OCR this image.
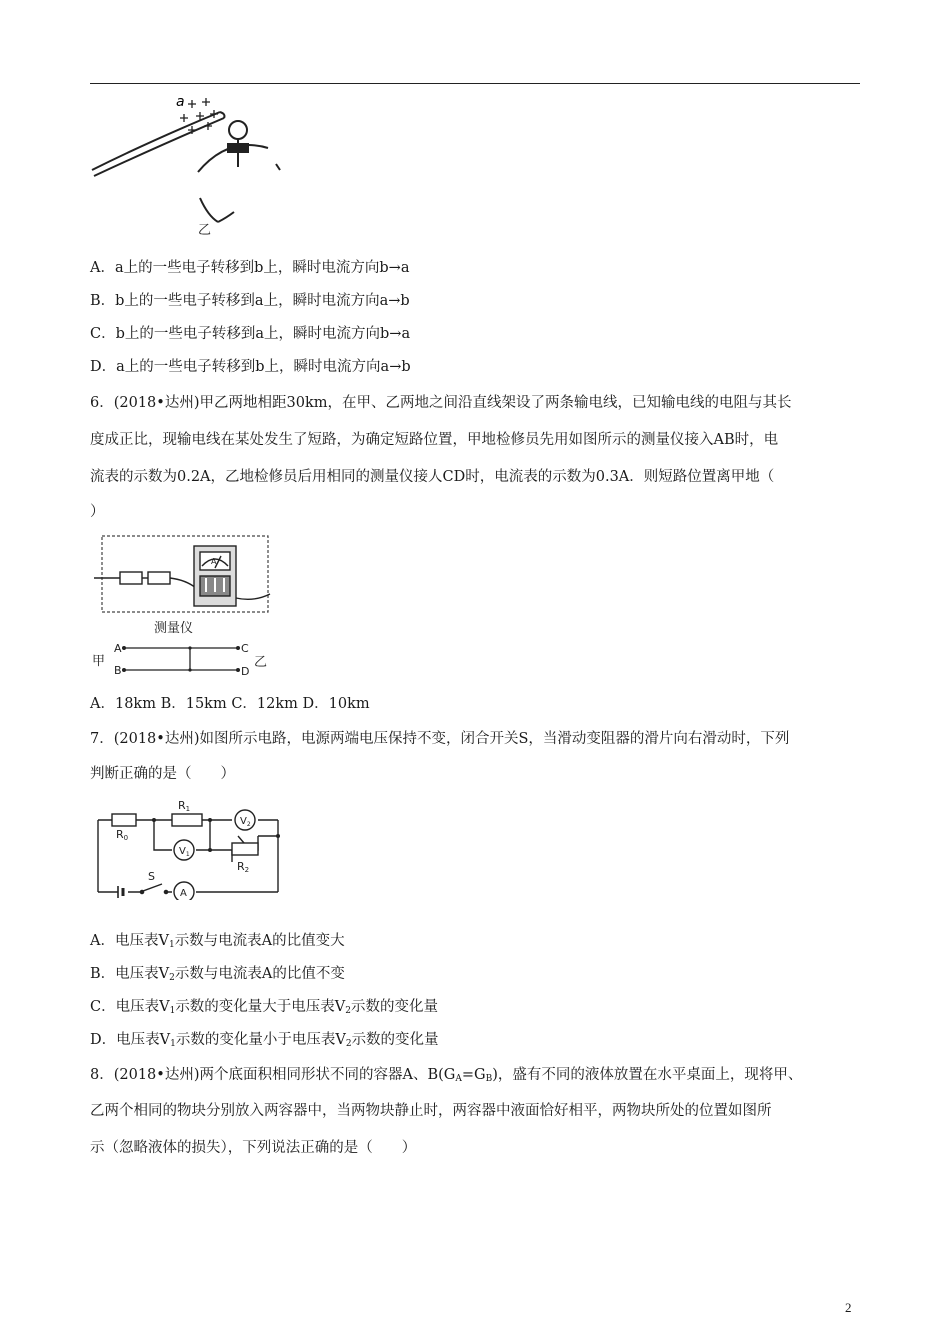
a
乙
A．a上的一些电子转移到b上，瞬时电流方向b→a
B．b上的一些电子转移到a上，瞬时电流方向a→b
C．b上的一些电子转移到a上，瞬时电流方向b→a
D．a上的一些电子转移到b上，瞬时电流方向a→b
6．(2018•达州)甲乙两地相距30km，在甲、乙两地之间沿直线架设了两条输电线，已知输电线的电阻与其长
度成正比，现输电线在某处发生了短路，为确定短路位置，甲地检修员先用如图所示的测量仪接入AB时，电
流表的示数为0.2A，乙地检修员后用相同的测量仪接人CD时，电流表的示数为0.3A．则短路位置离甲地（
）
A
测量仪
A
B
C
D
甲	乙
A．18km B．15km C．12km D．10km
7．(2018•达州)如图所示电路，电源两端电压保持不变，闭合开关S，当滑动变阻器的滑片向右滑动时，下列
判断正确的是（　　）
R0
R1
R2
$V_2$
$V_1$
A
S
A．电压表$V_1$示数与电流表A的比值变大
B．电压表$V_2$示数与电流表A的比值不变
C．电压表$V_1$示数的变化量大于电压表$V_2$示数的变化量
D．电压表$V_1$示数的变化量小于电压表$V_2$示数的变化量
8．(2018•达州)两个底面积相同形状不同的容器A、$B(G_A=G_B)$，盛有不同的液体放置在水平桌面上，现将甲、
乙两个相同的物块分别放入两容器中，当两物块静止时，两容器中液面恰好相平，两物块所处的位置如图所
示（忽略液体的损失），下列说法正确的是（　　）
2
